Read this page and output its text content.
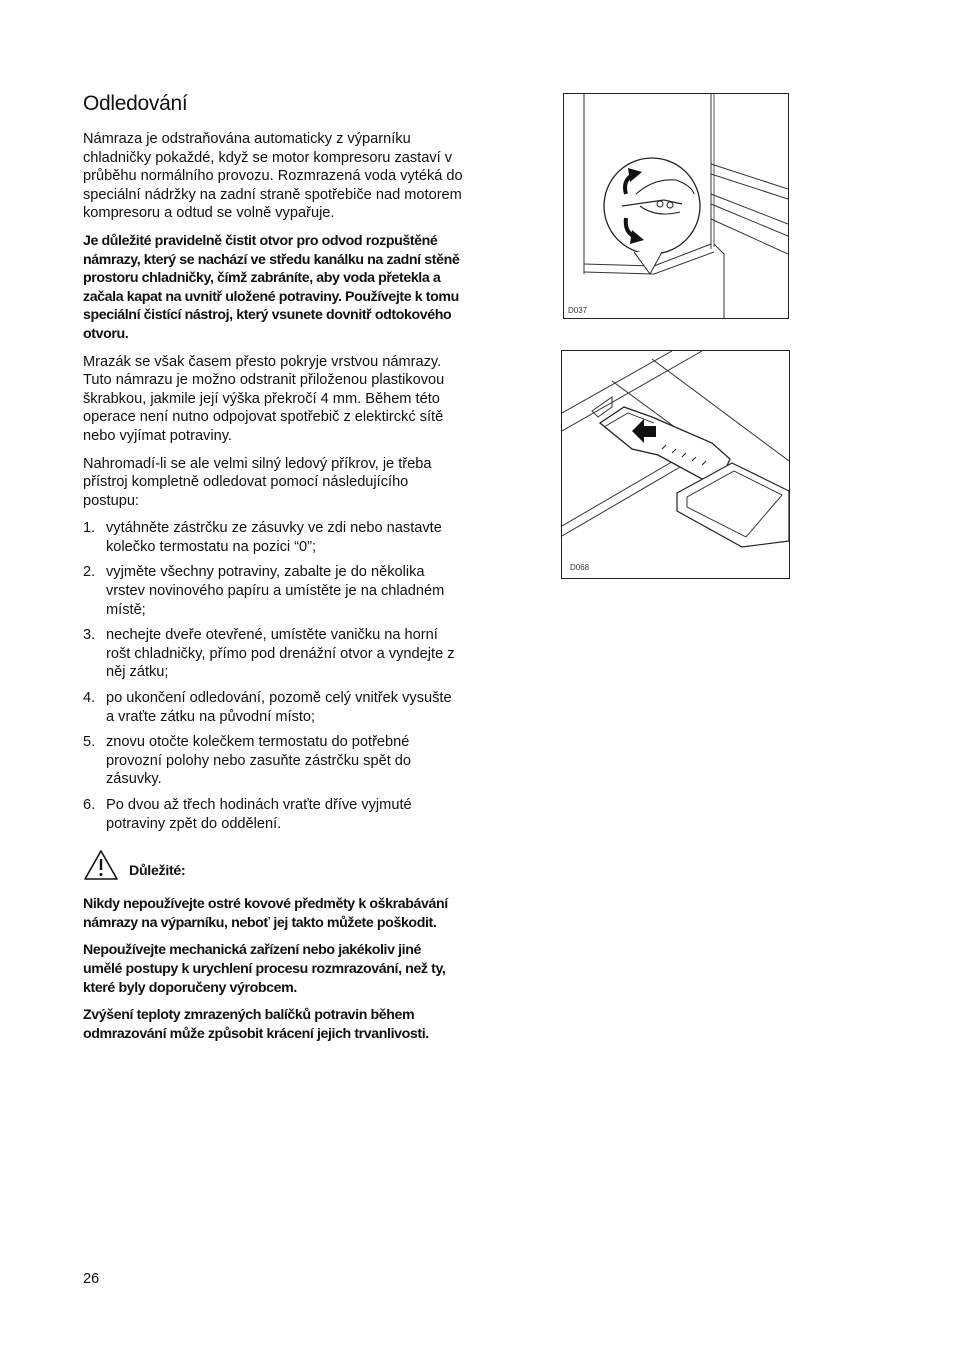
Odledování

Námraza je odstraňována automaticky z výparníku chladničky pokaždé, když se motor kompresoru zastaví v průběhu normálního provozu. Rozmrazená voda vytéká do speciální nádržky na zadní straně spotřebiče nad motorem kompresoru a odtud se volně vypařuje.

Je důležité pravidelně čistit otvor pro odvod rozpuštěné námrazy, který se nachází ve středu kanálku na zadní stěně prostoru chladničky, čímž zabráníte, aby voda přetekla a začala kapat na uvnitř uložené potraviny. Používejte k tomu speciální čistící nástroj, který vsunete dovnitř odtokového otvoru.

Mrazák se však časem přesto pokryje vrstvou námrazy. Tuto námrazu je možno odstranit přiloženou plastikovou škrabkou, jakmile její výška překročí 4 mm. Během této operace není nutno odpojovat spotřebič z elektirckć sítě nebo vyjímat potraviny.

Nahromadí-li se ale velmi silný ledový příkrov, je třeba přístroj kompletně odledovat pomocí následujícího postupu:

1. vytáhněte zástrčku ze zásuvky ve zdi nebo nastavte kolečko termostatu na pozici “0”;
2. vyjměte všechny potraviny, zabalte je do několika vrstev novinového papíru a umístěte je na chladném místě;
3. nechejte dveře otevřené, umístěte vaničku na horní rošt chladničky, přímo pod drenážní otvor a vyndejte z něj zátku;
4. po ukončení odledování, pozomě celý vnitřek vysušte a vraťte zátku na původní místo;
5. znovu otočte kolečkem termostatu do potřebné provozní polohy nebo zasuňte zástrčku spět do zásuvky.
6. Po dvou až třech hodinách vraťte dříve vyjmuté potraviny zpět do oddělení.
Důležité:

Nikdy nepoužívejte ostré kovové předměty k oškrabávání námrazy na výparníku, neboť jej takto můžete poškodit.

Nepoužívejte mechanická zařízení nebo jakékoliv jiné umělé postupy k urychlení procesu rozmrazování, než ty, které byly doporučeny výrobcem.

Zvýšení teploty zmrazených balíčků potravin během odmrazování může způsobit krácení jejich trvanlivosti.

26
D037
D068
